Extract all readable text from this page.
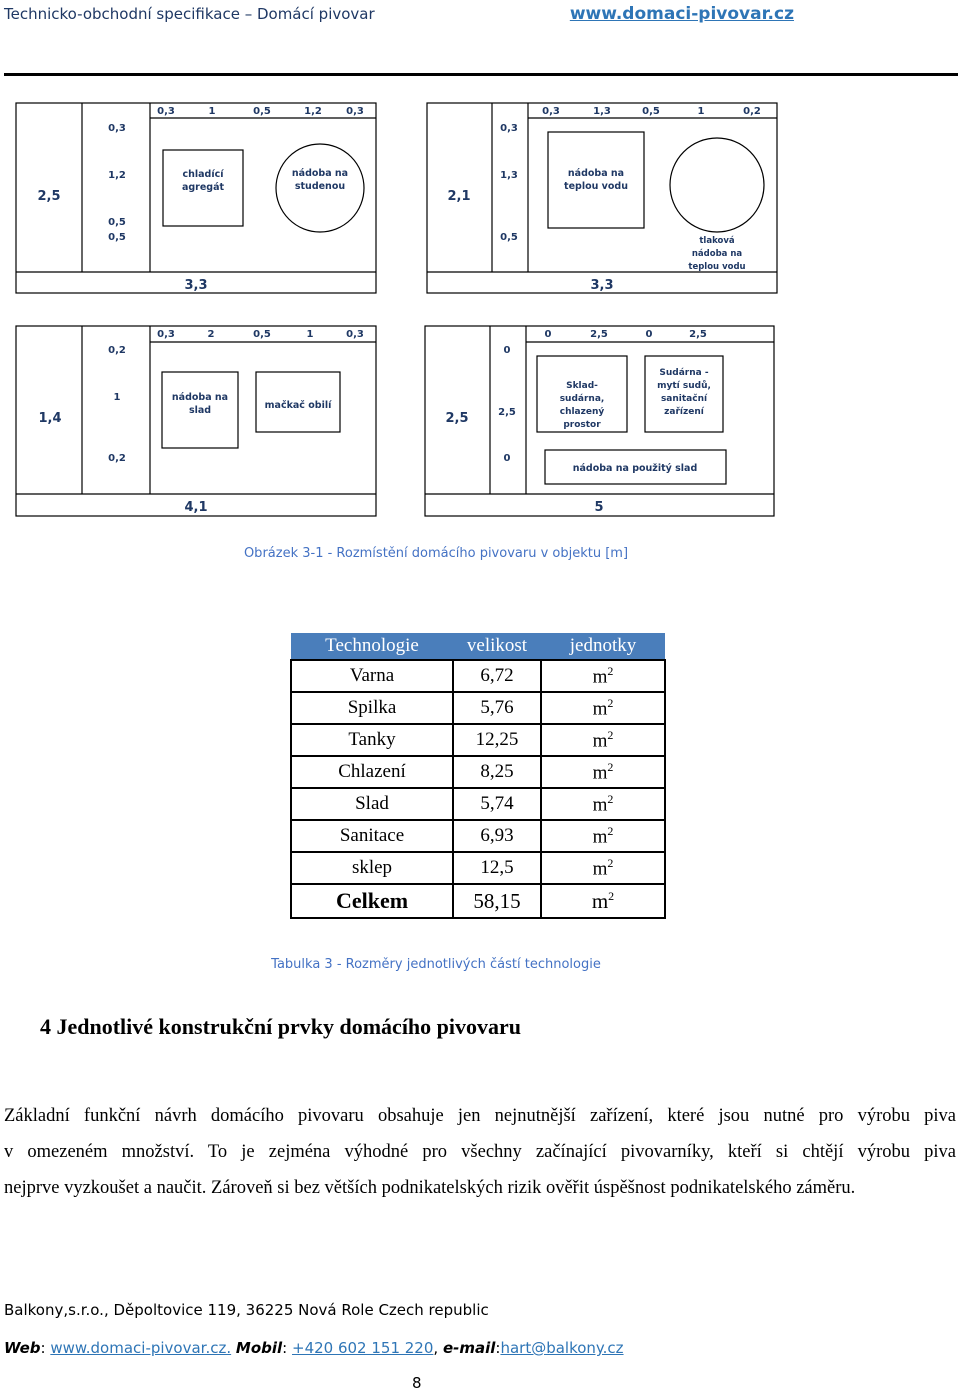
Technicko-obchodní specifikace – Domácí pivovar	www.domaci-pivovar.cz
0,3	1	0,5	1,2 0,3
0,3
1,2
0,5
0,5
2,5
3,3
chladící agregát
nádoba na studenou
0,3	1,3	0,5	1	0,2
0,3
1,3
0,5
2,1
3,3
nádoba na teplou vodu
tlaková nádoba na teplou vodu
0,3	2	0,5	1	0,3
0,2
1
0,2
1,4
4,1
nádoba na slad	mačkač obilí
0	2,5	0	2,5
0
2,5
0
2,5
5
Sklad-sudárna, chlazený prostor
Sudárna -mytí sudů, sanitační zařízení
nádoba na použitý slad
Obrázek 3-1 - Rozmístění domácího pivovaru v objektu [m]
Technologie	velikost	jednotky
Varna	6,72	$m^2$
Spilka	5,76	$m^2$
Tanky	12,25	$m^2$
Chlazení	8,25	$m^2$
Slad	5,74	$m^2$
Sanitace	6,93	$m^2$
sklep	12,5	$m^2$
Celkem	58,15	$m^2$
Tabulka 3 - Rozměry jednotlivých částí technologie
4 Jednotlivé konstrukční prvky domácího pivovaru
Základní funkční návrh domácího pivovaru obsahuje jen nejnutnější zařízení, které jsou nutné pro výrobu piva
v omezeném množství. To je zejména výhodné pro všechny začínající pivovarníky, kteří si chtějí výrobu piva
nejprve vyzkoušet a naučit. Zároveň si bez větších podnikatelských rizik ověřit úspěšnost podnikatelského záměru.
Balkony,s.r.o., Děpoltovice 119, 36225 Nová Role Czech republic
Web: www.domaci-pivovar.cz. Mobil: +420 602 151 220, e-mail:hart@balkony.cz
8
